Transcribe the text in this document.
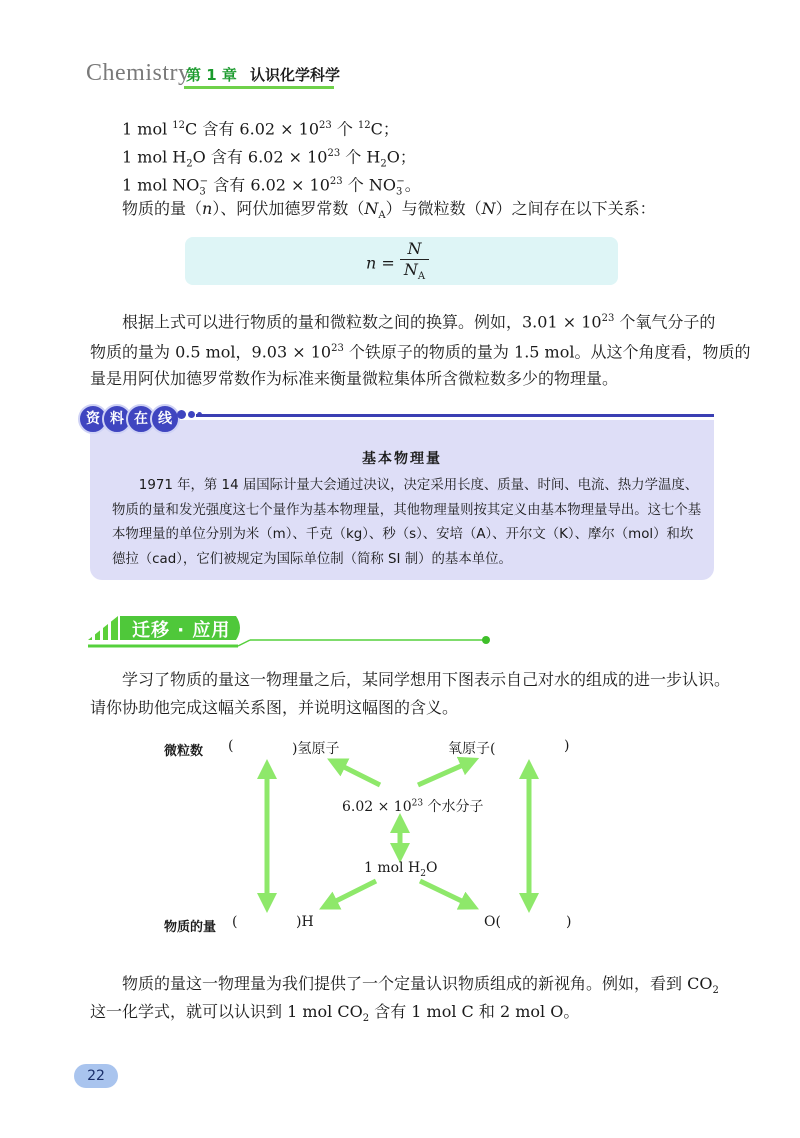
Chemistry
第 1 章 认识化学科学
1 mol $^{12}$C 含有 $6.02 \times 10^{23}$ 个 $^{12}$C；
1 mol $H_2O$ 含有 $6.02 \times 10^{23}$ 个 $H_2O$；
1 mol $NO_3^-$ 含有 $6.02 \times 10^{23}$ 个 $NO_3^-$。
物质的量（n）、阿伏加德罗常数$(N_A)$与微粒数（N）之间存在以下关系：
$n = \frac{N}{N_A}$
根据上式可以进行物质的量和微粒数之间的换算。例如，$3.01 \times 10^{23}$ 个氧气分子的
物质的量为 0.5 mol，$9.03 \times 10^{23}$ 个铁原子的物质的量为 1.5 mol。从这个角度看，物质的
量是用阿伏加德罗常数作为标准来衡量微粒集体所含微粒数多少的物理量。
资 料 在 线
基本物理量
1971 年，第 14 届国际计量大会通过决议，决定采用长度、质量、时间、电流、热力学温度、物质的量和发光强度这七个量作为基本物理量，其他物理量则按其定义由基本物理量导出。这七个基本物理量的单位分别为米（m）、千克（kg）、秒（s）、安培（A）、开尔文（K）、摩尔（mol）和坎德拉（cad），它们被规定为国际单位制（简称 SI 制）的基本单位。
迁移 · 应用
学习了物质的量这一物理量之后，某同学想用下图表示自己对水的组成的进一步认识。
请你协助他完成这幅关系图，并说明这幅图的含义。
微粒数 (	)氢原子	氧原子(	)
$6.02 \times 10^{23}$ 个水分子
1 mol $H_2O$
物质的量 (	)H	O(	)
物质的量这一物理量为我们提供了一个定量认识物质组成的新视角。例如，看到 $CO_2$
这一化学式，就可以认识到 1 mol $CO_2$ 含有 1 mol C 和 2 mol O。
22
